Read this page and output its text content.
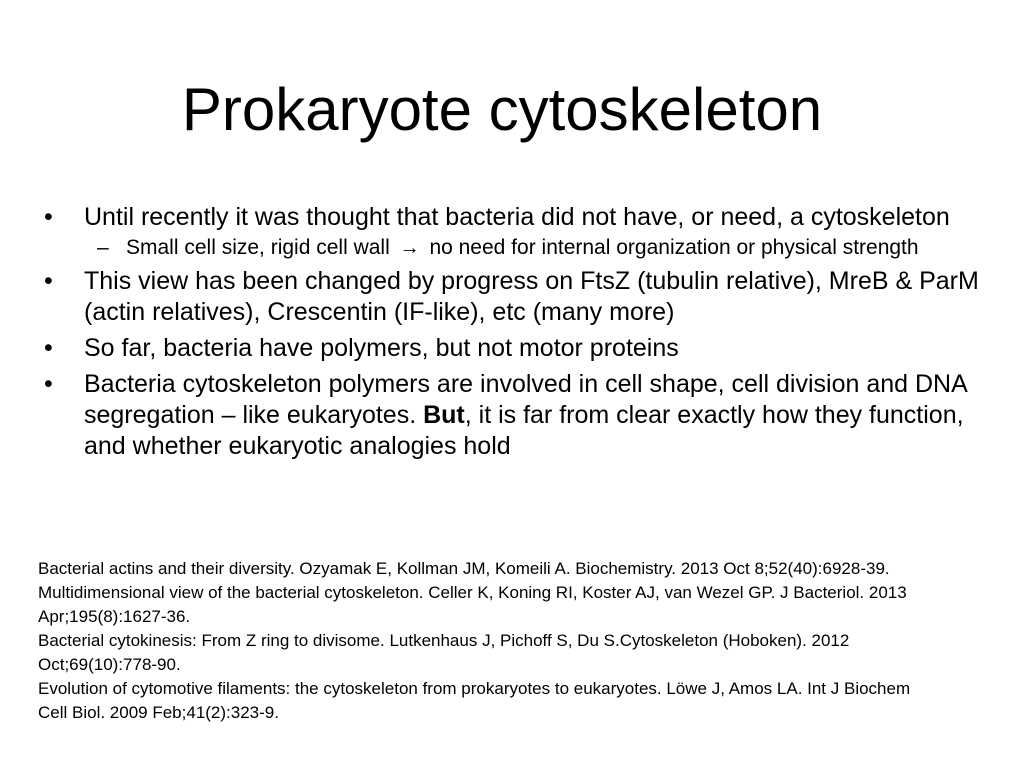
Prokaryote cytoskeleton
•	Until recently it was thought that bacteria did not have, or need, a cytoskeleton
– Small cell size, rigid cell wall → no need for internal organization or physical strength
•	This view has been changed by progress on FtsZ (tubulin relative), MreB & ParM (actin relatives), Crescentin (IF-like), etc (many more)
•	So far, bacteria have polymers, but not motor proteins
•	Bacteria cytoskeleton polymers are involved in cell shape, cell division and DNA segregation – like eukaryotes. But, it is far from clear exactly how they function, and whether eukaryotic analogies hold

Bacterial actins and their diversity. Ozyamak E, Kollman JM, Komeili A. Biochemistry. 2013 Oct 8;52(40):6928-39.

Multidimensional view of the bacterial cytoskeleton. Celler K, Koning RI, Koster AJ, van Wezel GP. J Bacteriol. 2013 Apr;195(8):1627-36.

Bacterial cytokinesis: From Z ring to divisome. Lutkenhaus J, Pichoff S, Du S.Cytoskeleton (Hoboken). 2012 Oct;69(10):778-90.

Evolution of cytomotive filaments: the cytoskeleton from prokaryotes to eukaryotes. Löwe J, Amos LA. Int J Biochem Cell Biol. 2009 Feb;41(2):323-9.
